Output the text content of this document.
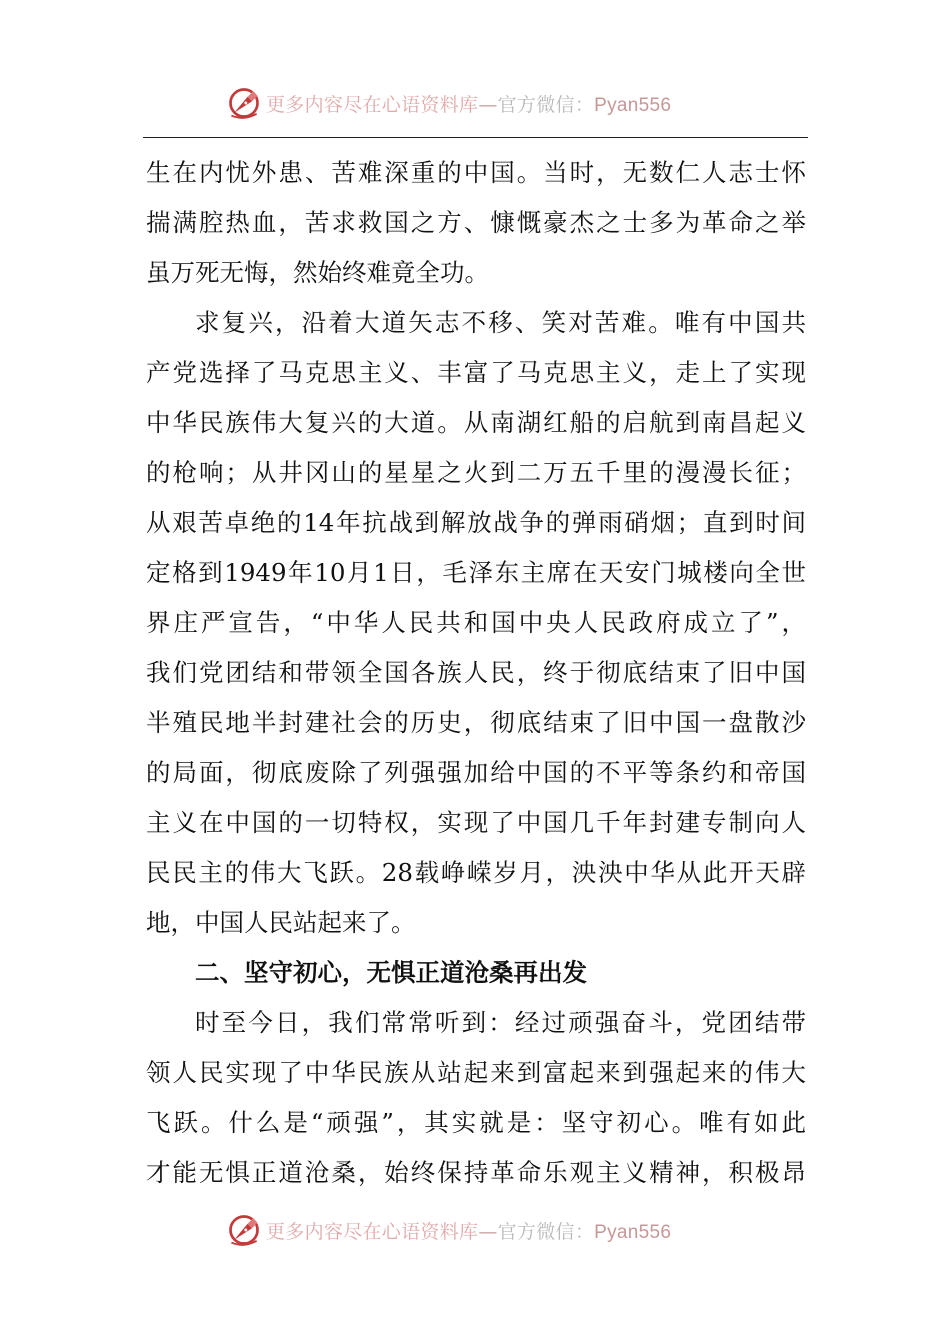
更多内容尽在心语资料库—官方微信：Pyan556
生在内忧外患、苦难深重的中国。当时，无数仁人志士怀
揣满腔热血，苦求救国之方、慷慨豪杰之士多为革命之举
虽万死无悔，然始终难竟全功。
求复兴，沿着大道矢志不移、笑对苦难。唯有中国共
产党选择了马克思主义、丰富了马克思主义，走上了实现
中华民族伟大复兴的大道。从南湖红船的启航到南昌起义
的枪响；从井冈山的星星之火到二万五千里的漫漫长征；
从艰苦卓绝的14年抗战到解放战争的弹雨硝烟；直到时间
定格到1949年10月1日，毛泽东主席在天安门城楼向全世
界庄严宣告，“中华人民共和国中央人民政府成立了”，
我们党团结和带领全国各族人民，终于彻底结束了旧中国
半殖民地半封建社会的历史，彻底结束了旧中国一盘散沙
的局面，彻底废除了列强强加给中国的不平等条约和帝国
主义在中国的一切特权，实现了中国几千年封建专制向人
民民主的伟大飞跃。28载峥嵘岁月，泱泱中华从此开天辟
地，中国人民站起来了。
二、坚守初心，无惧正道沧桑再出发
时至今日，我们常常听到：经过顽强奋斗，党团结带
领人民实现了中华民族从站起来到富起来到强起来的伟大
飞跃。什么是“顽强”，其实就是：坚守初心。唯有如此
才能无惧正道沧桑，始终保持革命乐观主义精神，积极昂
更多内容尽在心语资料库—官方微信：Pyan556
